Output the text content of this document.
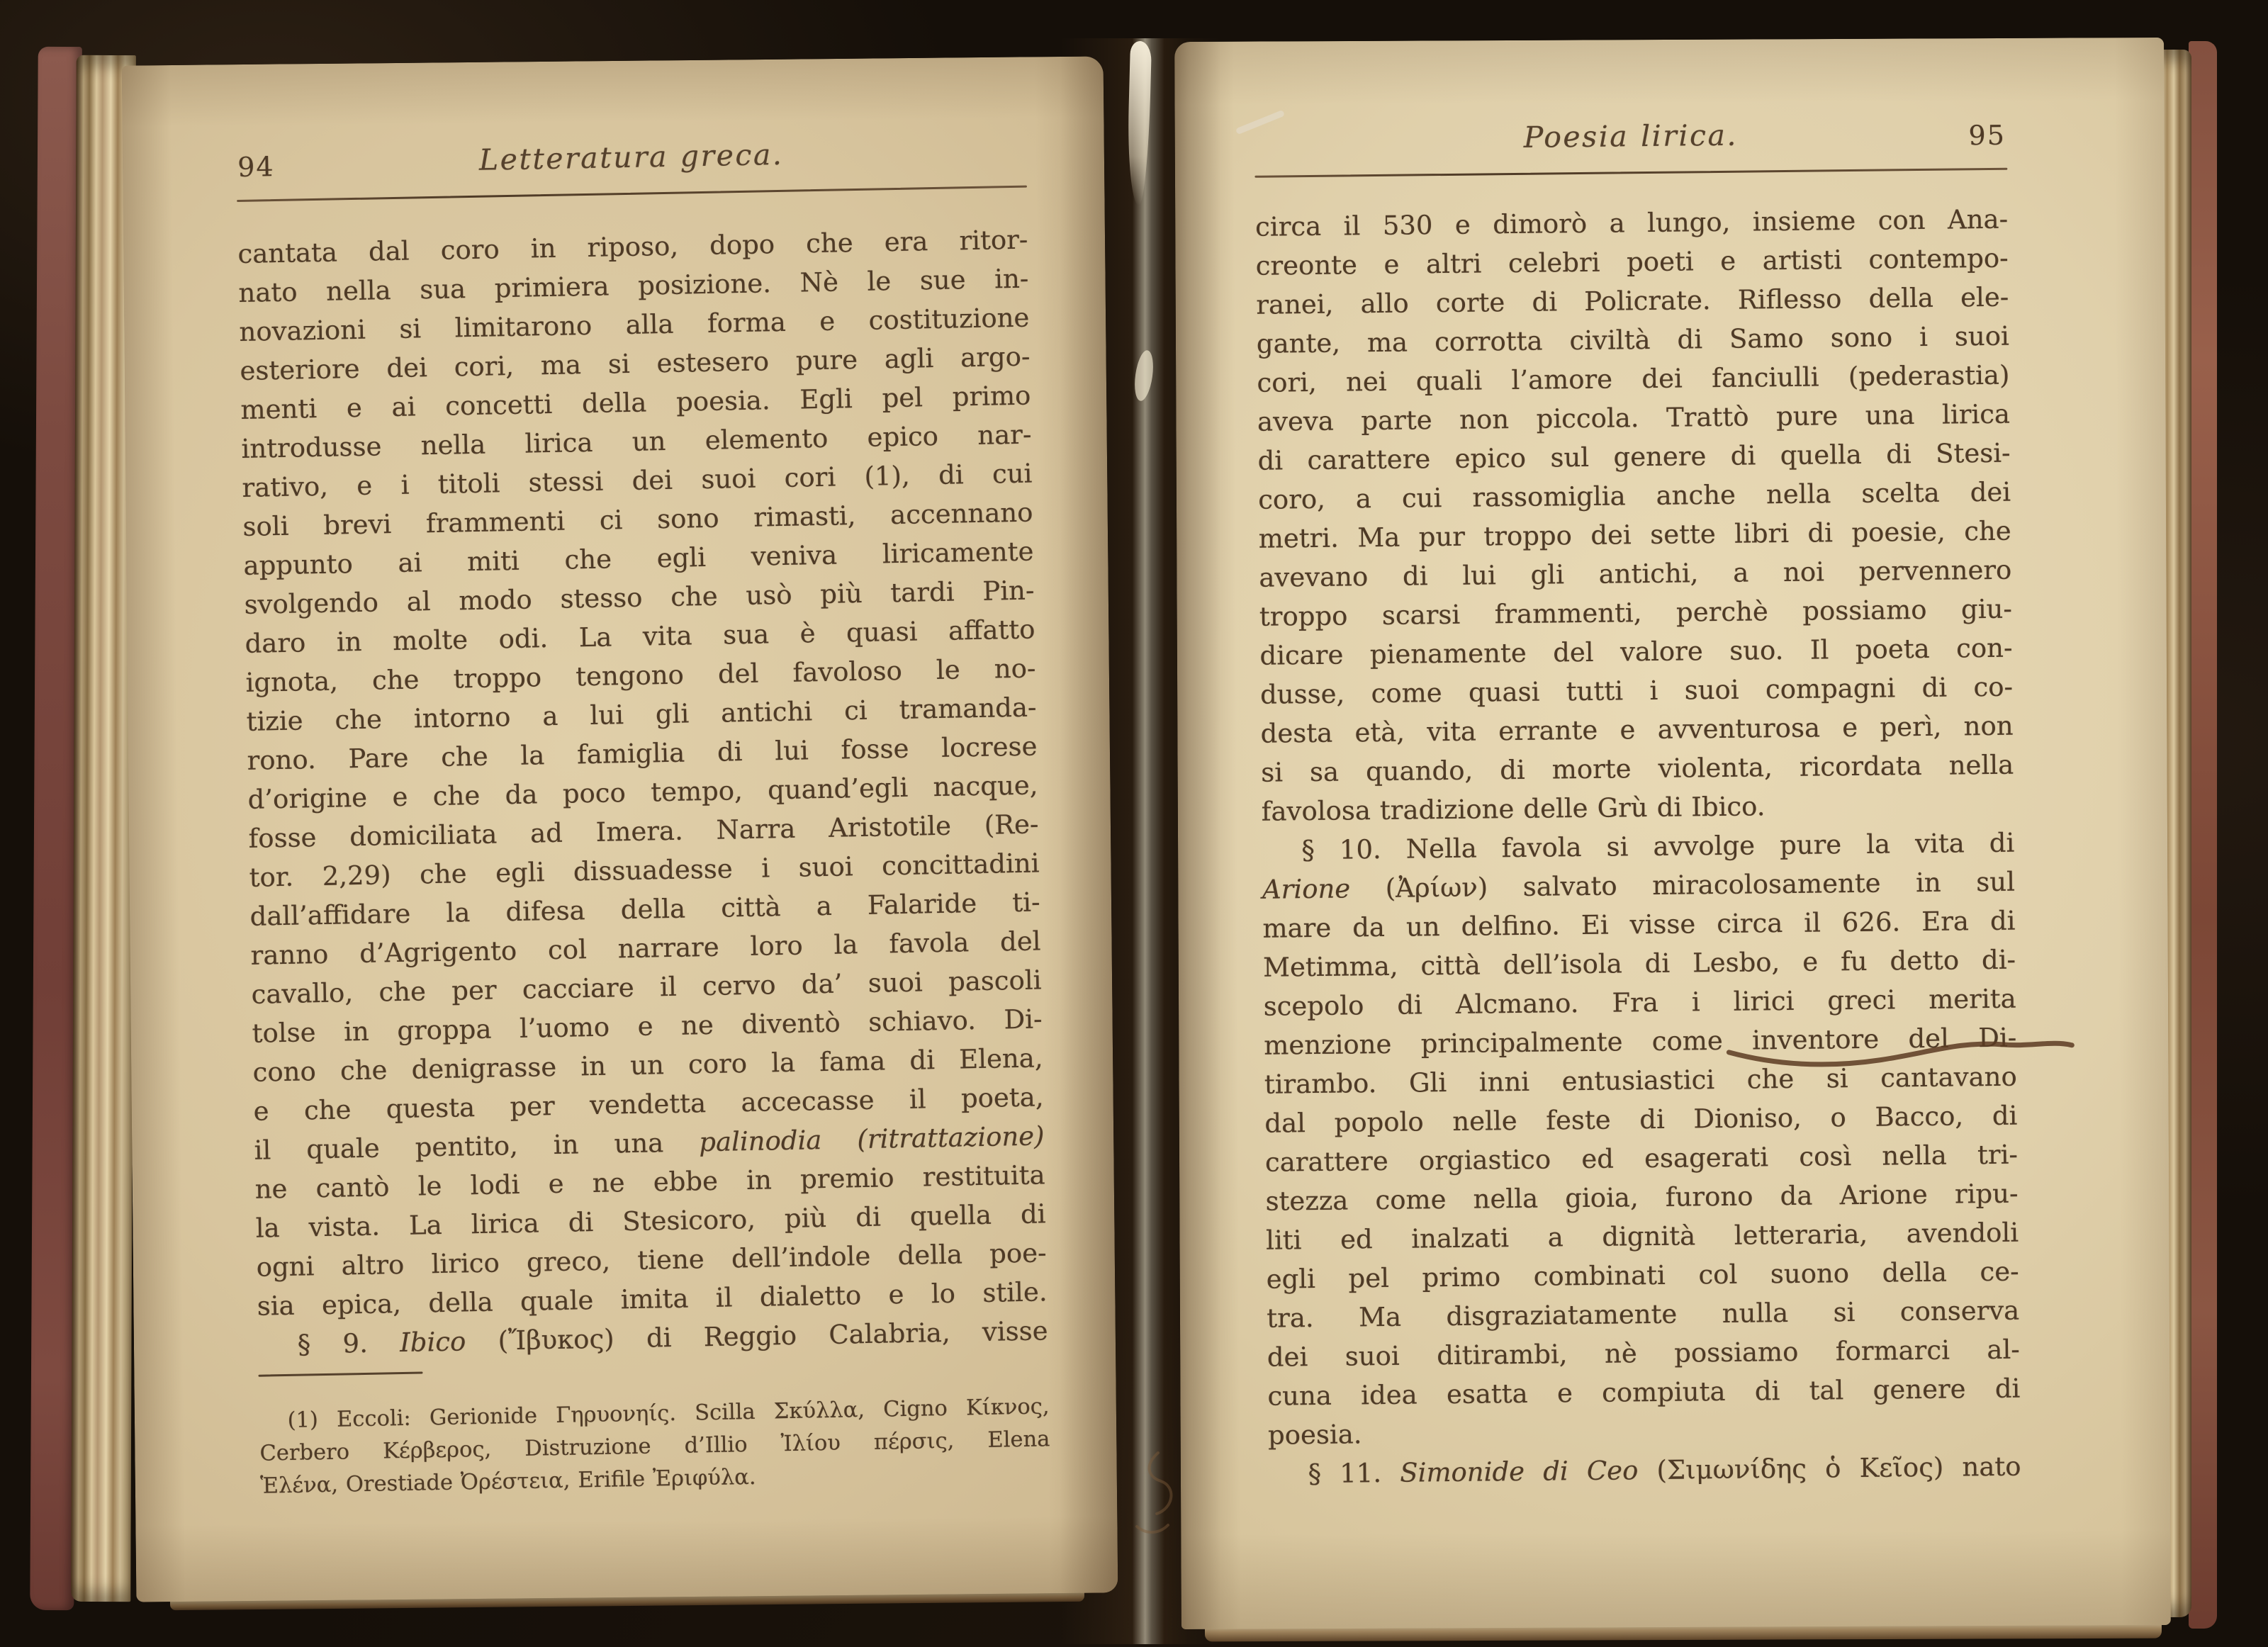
94	Letteratura greca.
cantata dal coro in riposo, dopo che era ritor-
nato nella sua primiera posizione. Nè le sue in-
novazioni si limitarono alla forma e costituzione
esteriore dei cori, ma si estesero pure agli argo-
menti e ai concetti della poesia. Egli pel primo
introdusse nella lirica un elemento epico nar-
rativo, e i titoli stessi dei suoi cori (1), di cui
soli brevi frammenti ci sono rimasti, accennano
appunto ai miti che egli veniva liricamente
svolgendo al modo stesso che usò più tardi Pin-
daro in molte odi. La vita sua è quasi affatto
ignota, che troppo tengono del favoloso le no-
tizie che intorno a lui gli antichi ci tramanda-
rono. Pare che la famiglia di lui fosse locrese
d’origine e che da poco tempo, quand’egli nacque,
fosse domiciliata ad Imera. Narra Aristotile (Re-
tor. 2,29) che egli dissuadesse i suoi concittadini
dall’affidare la difesa della città a Falaride ti-
ranno d’Agrigento col narrare loro la favola del
cavallo, che per cacciare il cervo da’ suoi pascoli
tolse in groppa l’uomo e ne diventò schiavo. Di-
cono che denigrasse in un coro la fama di Elena,
e che questa per vendetta accecasse il poeta,
il quale pentito, in una palinodia (ritrattazione)
ne cantò le lodi e ne ebbe in premio restituita
la vista. La lirica di Stesicoro, più di quella di
ogni altro lirico greco, tiene dell’indole della poe-
sia epica, della quale imita il dialetto e lo stile.
§ 9. Ibico (Ἴβυκος) di Reggio Calabria, visse
(1) Eccoli: Gerionide Γηρυονηίς. Scilla Σκύλλα, Cigno Κίκνος,
Cerbero Κέρβερος, Distruzione d’Illio Ἰλίου πέρσις, Elena
Ἑλένα, Orestiade Ὀρέστεια, Erifile Ἐριφύλα.
Poesia lirica.	95
circa il 530 e dimorò a lungo, insieme con Ana-
creonte e altri celebri poeti e artisti contempo-
ranei, allo corte di Policrate. Riflesso della ele-
gante, ma corrotta civiltà di Samo sono i suoi
cori, nei quali l’amore dei fanciulli (pederastia)
aveva parte non piccola. Trattò pure una lirica
di carattere epico sul genere di quella di Stesi-
coro, a cui rassomiglia anche nella scelta dei
metri. Ma pur troppo dei sette libri di poesie, che
avevano di lui gli antichi, a noi pervennero
troppo scarsi frammenti, perchè possiamo giu-
dicare pienamente del valore suo. Il poeta con-
dusse, come quasi tutti i suoi compagni di co-
desta età, vita errante e avventurosa e perì, non
si sa quando, di morte violenta, ricordata nella
favolosa tradizione delle Grù di Ibico.
§ 10. Nella favola si avvolge pure la vita di
Arione (Ἀρίων) salvato miracolosamente in sul
mare da un delfino. Ei visse circa il 626. Era di
Metimma, città dell’isola di Lesbo, e fu detto di-
scepolo di Alcmano. Fra i lirici greci merita
menzione principalmente come inventore del Di-
tirambo. Gli inni entusiastici che si cantavano
dal popolo nelle feste di Dioniso, o Bacco, di
carattere orgiastico ed esagerati così nella tri-
stezza come nella gioia, furono da Arione ripu-
liti ed inalzati a dignità letteraria, avendoli
egli pel primo combinati col suono della ce-
tra. Ma disgraziatamente nulla si conserva
dei suoi ditirambi, nè possiamo formarci al-
cuna idea esatta e compiuta di tal genere di
poesia.
§ 11. Simonide di Ceo (Σιμωνίδης ὁ Κεῖος) nato
